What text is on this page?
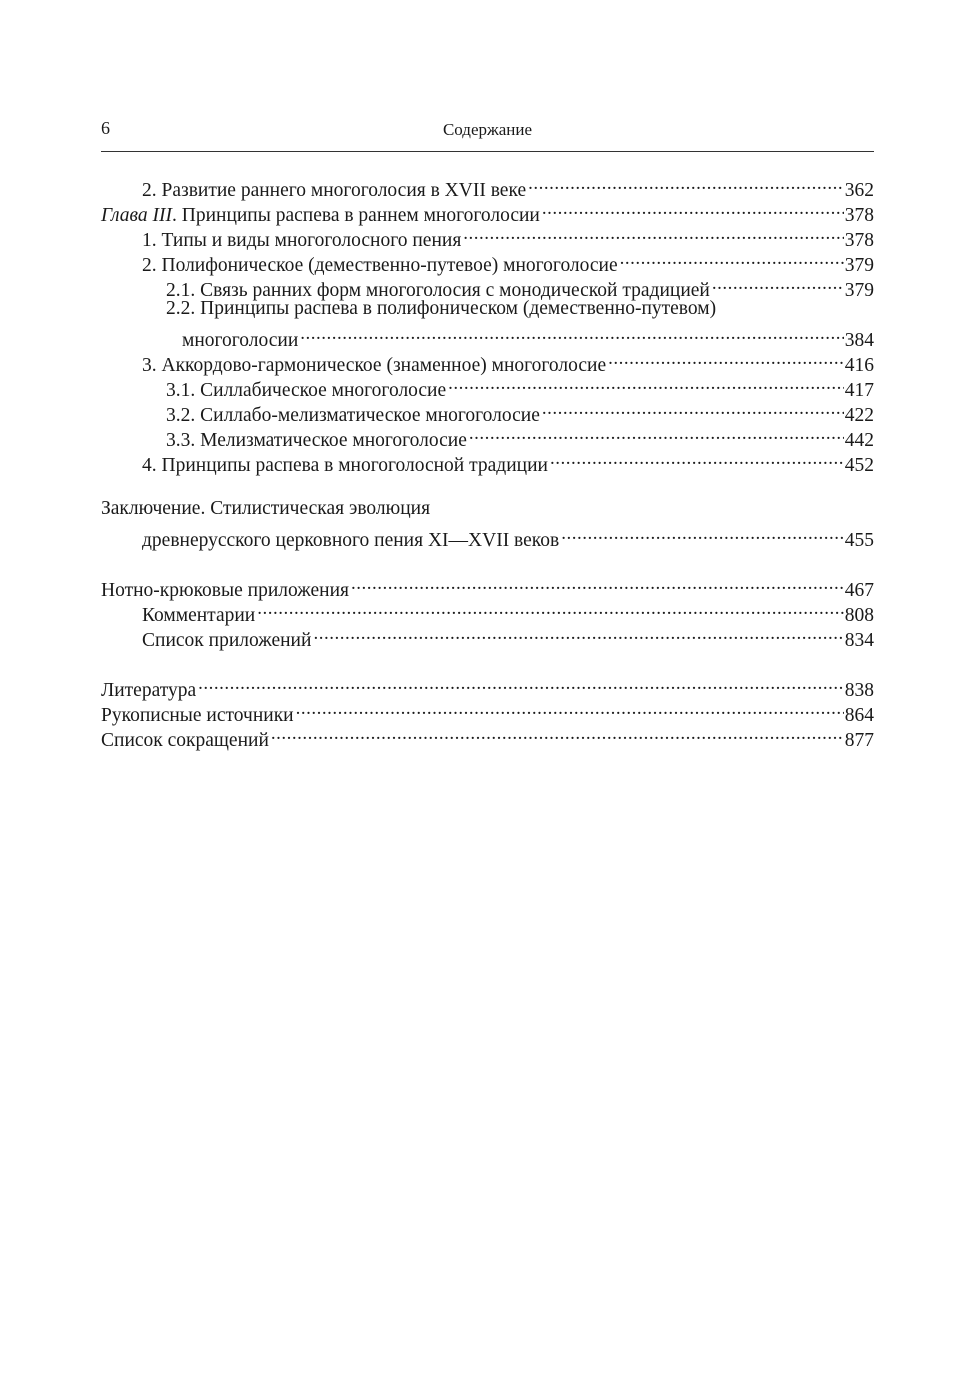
6	Содержание
2. Развитие раннего многоголосия в XVII веке .....	362
Глава III. Принципы распева в раннем многоголосии .....	378
1. Типы и виды многоголосного пения .....	378
2. Полифоническое (демественно-путевое) многоголосие .....	379
2.1. Связь ранних форм многоголосия с монодической традицией .....	379
2.2. Принципы распева в полифоническом (демественно-путевом)
многоголосии .....	384
3. Аккордово-гармоническое (знаменное) многоголосие .....	416
3.1. Силлабическое многоголосие .....	417
3.2. Силлабо-мелизматическое многоголосие .....	422
3.3. Мелизматическое многоголосие .....	442
4. Принципы распева в многоголосной традиции .....	452
Заключение. Стилистическая эволюция
древнерусского церковного пения XI—XVII веков .....	455
Нотно-крюковые приложения .....	467
Комментарии .....	808
Список приложений .....	834
Литература .....	838
Рукописные источники .....	864
Список сокращений .....	877
